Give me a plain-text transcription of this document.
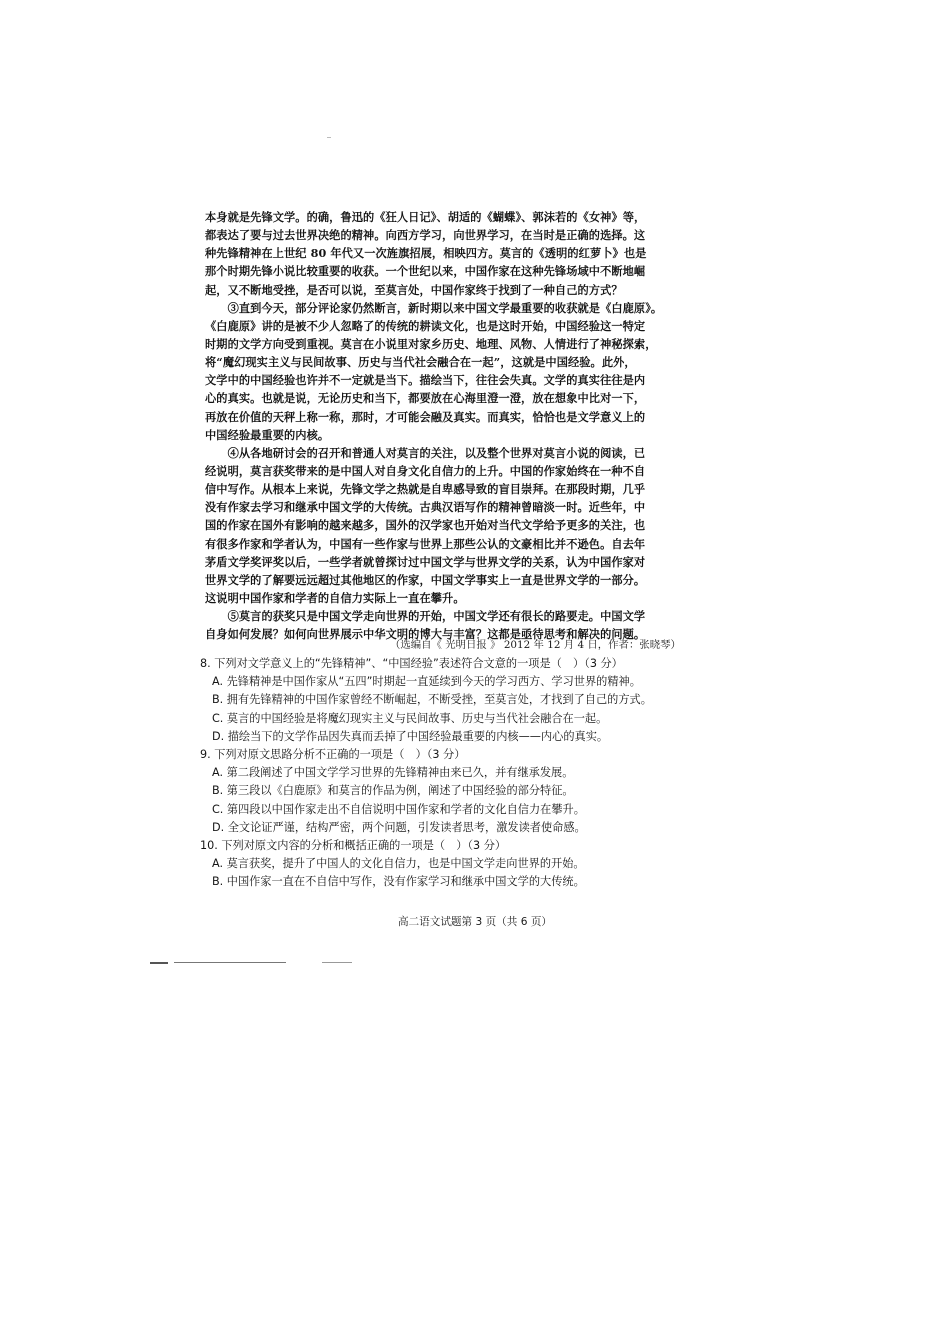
本身就是先锋文学。的确，鲁迅的《狂人日记》、胡适的《蝴蝶》、郭沫若的《女神》等，
都表达了要与过去世界决绝的精神。向西方学习，向世界学习，在当时是正确的选择。这
种先锋精神在上世纪 80 年代又一次旌旗招展，相映四方。莫言的《透明的红萝卜》也是
那个时期先锋小说比较重要的收获。一个世纪以来，中国作家在这种先锋场域中不断地崛
起，又不断地受挫，是否可以说，至莫言处，中国作家终于找到了一种自己的方式？
　　③直到今天，部分评论家仍然断言，新时期以来中国文学最重要的收获就是《白鹿原》。
《白鹿原》讲的是被不少人忽略了的传统的耕读文化，也是这时开始，中国经验这一特定
时期的文学方向受到重视。莫言在小说里对家乡历史、地理、风物、人情进行了神秘探索，
将“魔幻现实主义与民间故事、历史与当代社会融合在一起”，这就是中国经验。此外，
文学中的中国经验也许并不一定就是当下。描绘当下，往往会失真。文学的真实往往是内
心的真实。也就是说，无论历史和当下，都要放在心海里澄一澄，放在想象中比对一下，
再放在价值的天秤上称一称，那时，才可能会融及真实。而真实，恰恰也是文学意义上的
中国经验最重要的内核。
　　④从各地研讨会的召开和普通人对莫言的关注，以及整个世界对莫言小说的阅读，已
经说明，莫言获奖带来的是中国人对自身文化自信力的上升。中国的作家始终在一种不自
信中写作。从根本上来说，先锋文学之热就是自卑感导致的盲目崇拜。在那段时期，几乎
没有作家去学习和继承中国文学的大传统。古典汉语写作的精神曾暗淡一时。近些年，中
国的作家在国外有影响的越来越多，国外的汉学家也开始对当代文学给予更多的关注，也
有很多作家和学者认为，中国有一些作家与世界上那些公认的文豪相比并不逊色。自去年
茅盾文学奖评奖以后，一些学者就曾探讨过中国文学与世界文学的关系，认为中国作家对
世界文学的了解要远远超过其他地区的作家，中国文学事实上一直是世界文学的一部分。
这说明中国作家和学者的自信力实际上一直在攀升。
　　⑤莫言的获奖只是中国文学走向世界的开始，中国文学还有很长的路要走。中国文学
自身如何发展？如何向世界展示中华文明的博大与丰富？这都是亟待思考和解决的问题。
（选编自《 光明日报 》 2012 年 12 月 4 日，作者：张晓琴）
8. 下列对文学意义上的“先锋精神”、“中国经验”表述符合文意的一项是（　）（3 分）
A. 先锋精神是中国作家从“五四”时期起一直延续到今天的学习西方、学习世界的精神。
B. 拥有先锋精神的中国作家曾经不断崛起，不断受挫，至莫言处，才找到了自己的方式。
C. 莫言的中国经验是将魔幻现实主义与民间故事、历史与当代社会融合在一起。
D. 描绘当下的文学作品因失真而丢掉了中国经验最重要的内核——内心的真实。
9. 下列对原文思路分析不正确的一项是（　）（3 分）
A. 第二段阐述了中国文学学习世界的先锋精神由来已久，并有继承发展。
B. 第三段以《白鹿原》和莫言的作品为例，阐述了中国经验的部分特征。
C. 第四段以中国作家走出不自信说明中国作家和学者的文化自信力在攀升。
D. 全文论证严谨，结构严密，两个问题，引发读者思考，激发读者使命感。
10. 下列对原文内容的分析和概括正确的一项是（　）（3 分）
A. 莫言获奖，提升了中国人的文化自信力，也是中国文学走向世界的开始。
B. 中国作家一直在不自信中写作，没有作家学习和继承中国文学的大传统。
高二语文试题第 3 页（共 6 页）
